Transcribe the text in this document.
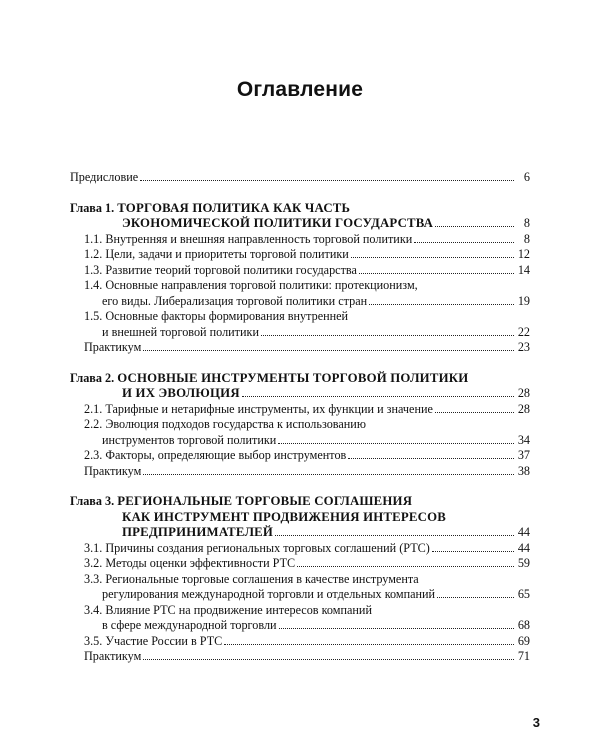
Оглавление
Предисловие	6
Глава 1. ТОРГОВАЯ ПОЛИТИКА КАК ЧАСТЬ
ЭКОНОМИЧЕСКОЙ ПОЛИТИКИ ГОСУДАРСТВА	8
1.1. Внутренняя и внешняя направленность торговой политики	8
1.2. Цели, задачи и приоритеты торговой политики	12
1.3. Развитие теорий торговой политики государства	14
1.4. Основные направления торговой политики: протекционизм,
его виды. Либерализация торговой политики стран	19
1.5. Основные факторы формирования внутренней
и внешней торговой политики	22
Практикум	23
Глава 2. ОСНОВНЫЕ ИНСТРУМЕНТЫ ТОРГОВОЙ ПОЛИТИКИ
И ИХ ЭВОЛЮЦИЯ	28
2.1. Тарифные и нетарифные инструменты, их функции и значение	28
2.2. Эволюция подходов государства к использованию
инструментов торговой политики	34
2.3. Факторы, определяющие выбор инструментов	37
Практикум	38
Глава 3. РЕГИОНАЛЬНЫЕ ТОРГОВЫЕ СОГЛАШЕНИЯ
КАК ИНСТРУМЕНТ ПРОДВИЖЕНИЯ ИНТЕРЕСОВ
ПРЕДПРИНИМАТЕЛЕЙ	44
3.1. Причины создания региональных торговых соглашений (РТС)	44
3.2. Методы оценки эффективности РТС	59
3.3. Региональные торговые соглашения в качестве инструмента
регулирования международной торговли и отдельных компаний	65
3.4. Влияние РТС на продвижение интересов компаний
в сфере международной торговли	68
3.5. Участие России в РТС	69
Практикум	71
3
